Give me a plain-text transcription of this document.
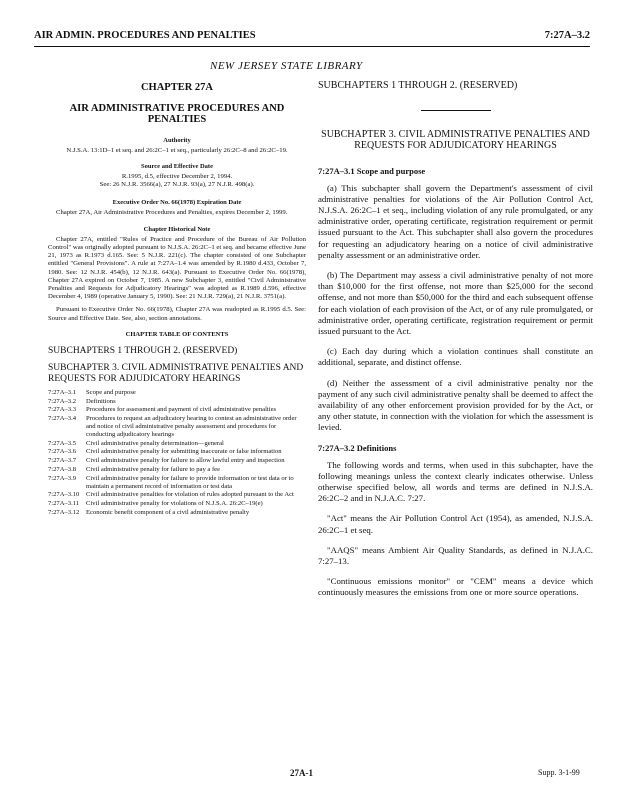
AIR ADMIN. PROCEDURES AND PENALTIES	7:27A–3.2
NEW JERSEY STATE LIBRARY
CHAPTER 27A
AIR ADMINISTRATIVE PROCEDURES AND PENALTIES
Authority
N.J.S.A. 13:1D–1 et seq. and 26:2C–1 et seq., particularly 26:2C–8 and 26:2C–19.
Source and Effective Date
R.1995, d.5, effective December 2, 1994.
See: 26 N.J.R. 3566(a), 27 N.J.R. 93(a), 27 N.J.R. 498(a).
Executive Order No. 66(1978) Expiration Date
Chapter 27A, Air Administrative Procedures and Penalties, expires December 2, 1999.
Chapter Historical Note
Chapter 27A, entitled "Rules of Practice and Procedure of the Bureau of Air Pollution Control" was originally adopted pursuant to N.J.S.A. 26:2C–1 et seq. and became effective June 21, 1973 as R.1973 d.165. See: 5 N.J.R. 221(c). The chapter consisted of one Subchapter entitled "General Provisions". A rule at 7:27A–1.4 was amended by R.1980 d.433, October 7, 1980. See: 12 N.J.R. 454(b), 12 N.J.R. 643(a). Pursuant to Executive Order No. 66(1978), Chapter 27A expired on October 7, 1985. A new Subchapter 3, entitled "Civil Administrative Penalties and Requests for Adjudicatory Hearings" was adopted as R.1989 d.596, effective December 4, 1989 (operative January 5, 1990). See: 21 N.J.R. 729(a), 21 N.J.R. 3751(a).
Pursuant to Executive Order No. 66(1978), Chapter 27A was readopted as R.1995 d.5. See: Source and Effective Date. See, also, section annotations.
CHAPTER TABLE OF CONTENTS
SUBCHAPTERS 1 THROUGH 2. (RESERVED)
SUBCHAPTER 3. CIVIL ADMINISTRATIVE PENALTIES AND REQUESTS FOR ADJUDICATORY HEARINGS
7:27A–3.1	Scope and purpose
7:27A–3.2	Definitions
7:27A–3.3	Procedures for assessment and payment of civil administrative penalties
7:27A–3.4	Procedures to request an adjudicatory hearing to contest an administrative order and notice of civil administrative penalty assessment and procedures for conducting adjudicatory hearings
7:27A–3.5	Civil administrative penalty determination—general
7:27A–3.6	Civil administrative penalty for submitting inaccurate or false information
7:27A–3.7	Civil administrative penalty for failure to allow lawful entry and inspection
7:27A–3.8	Civil administrative penalty for failure to pay a fee
7:27A–3.9	Civil administrative penalty for failure to provide information or test data or to maintain a permanent record of information or test data
7:27A–3.10	Civil administrative penalties for violation of rules adopted pursuant to the Act
7:27A–3.11	Civil administrative penalty for violations of N.J.S.A. 26:2C–19(e)
7:27A–3.12	Economic benefit component of a civil administrative penalty
SUBCHAPTERS 1 THROUGH 2. (RESERVED)
SUBCHAPTER 3. CIVIL ADMINISTRATIVE PENALTIES AND REQUESTS FOR ADJUDICATORY HEARINGS
7:27A–3.1 Scope and purpose
(a) This subchapter shall govern the Department's assessment of civil administrative penalties for violations of the Air Pollution Control Act, N.J.S.A. 26:2C–1 et seq., including violation of any rule promulgated, or any administrative order, operating certificate, registration requirement or permit issued pursuant to the Act. This subchapter shall also govern the procedures for requesting an adjudicatory hearing on a notice of civil administrative penalty assessment or an administrative order.
(b) The Department may assess a civil administrative penalty of not more than $10,000 for the first offense, not more than $25,000 for the second offense, and not more than $50,000 for the third and each subsequent offense for each violation of each provision of the Act, or of any rule promulgated, or administrative order, operating certificate, registration requirement or permit issued pursuant to the Act.
(c) Each day during which a violation continues shall constitute an additional, separate, and distinct offense.
(d) Neither the assessment of a civil administrative penalty nor the payment of any such civil administrative penalty shall be deemed to affect the availability of any other enforcement provision provided for by the Act, or any other statute, in connection with the violation for which the assessment is levied.
7:27A–3.2 Definitions
The following words and terms, when used in this subchapter, have the following meanings unless the context clearly indicates otherwise. Unless otherwise specified below, all words and terms are defined in N.J.S.A. 26:2C–2 and in N.J.A.C. 7:27.
"Act" means the Air Pollution Control Act (1954), as amended, N.J.S.A. 26:2C–1 et seq.
"AAQS" means Ambient Air Quality Standards, as defined in N.J.A.C. 7:27–13.
"Continuous emissions monitor" or "CEM" means a device which continuously measures the emissions from one or more source operations.
27A-1	Supp. 3-1-99
